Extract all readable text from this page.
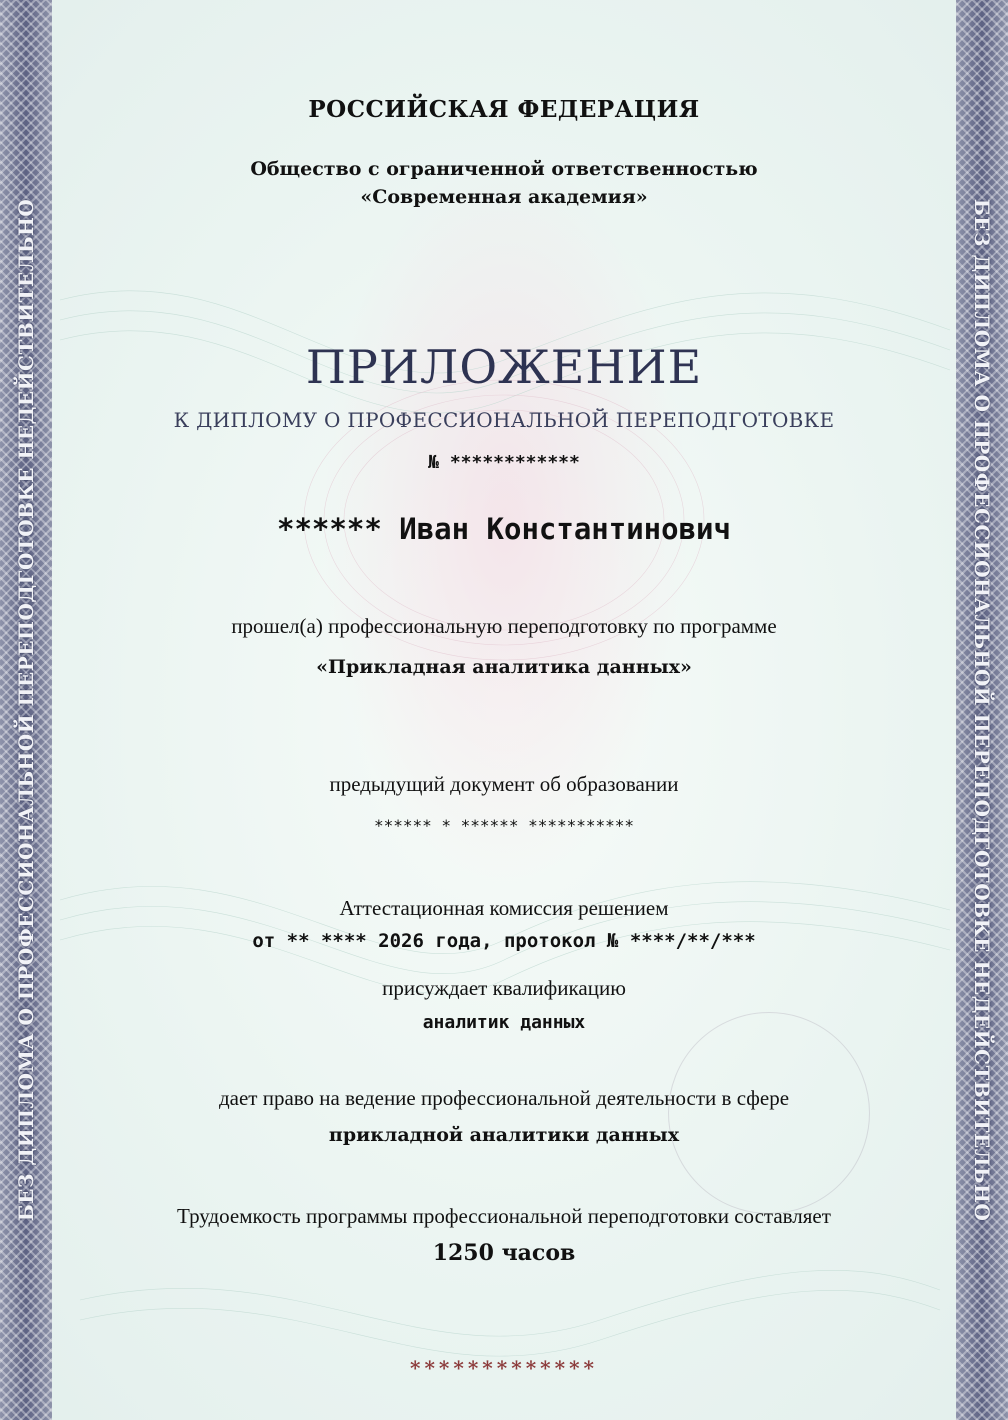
БЕЗ ДИПЛОМА О ПРОФЕССИОНАЛЬНОЙ ПЕРЕПОДГОТОВКЕ НЕДЕЙСТВИТЕЛЬНО	БЕЗ ДИПЛОМА О ПРОФЕССИОНАЛЬНОЙ ПЕРЕПОДГОТОВКЕ НЕДЕЙСТВИТЕЛЬНО

РОССИЙСКАЯ ФЕДЕРАЦИЯ

Общество с ограниченной ответственностью

«Современная академия»

ПРИЛОЖЕНИЕ

К ДИПЛОМУ О ПРОФЕССИОНАЛЬНОЙ ПЕРЕПОДГОТОВКЕ

№ ************

****** Иван Константинович

прошел(а) профессиональную переподготовку по программе

«Прикладная аналитика данных»

предыдущий документ об образовании

****** * ****** ***********

Аттестационная комиссия решением

от ** **** 2026 года, протокол № ****/**/***

присуждает квалификацию

аналитик данных

дает право на ведение профессиональной деятельности в сфере

прикладной аналитики данных

Трудоемкость программы профессиональной переподготовки составляет

1250 часов

*************
